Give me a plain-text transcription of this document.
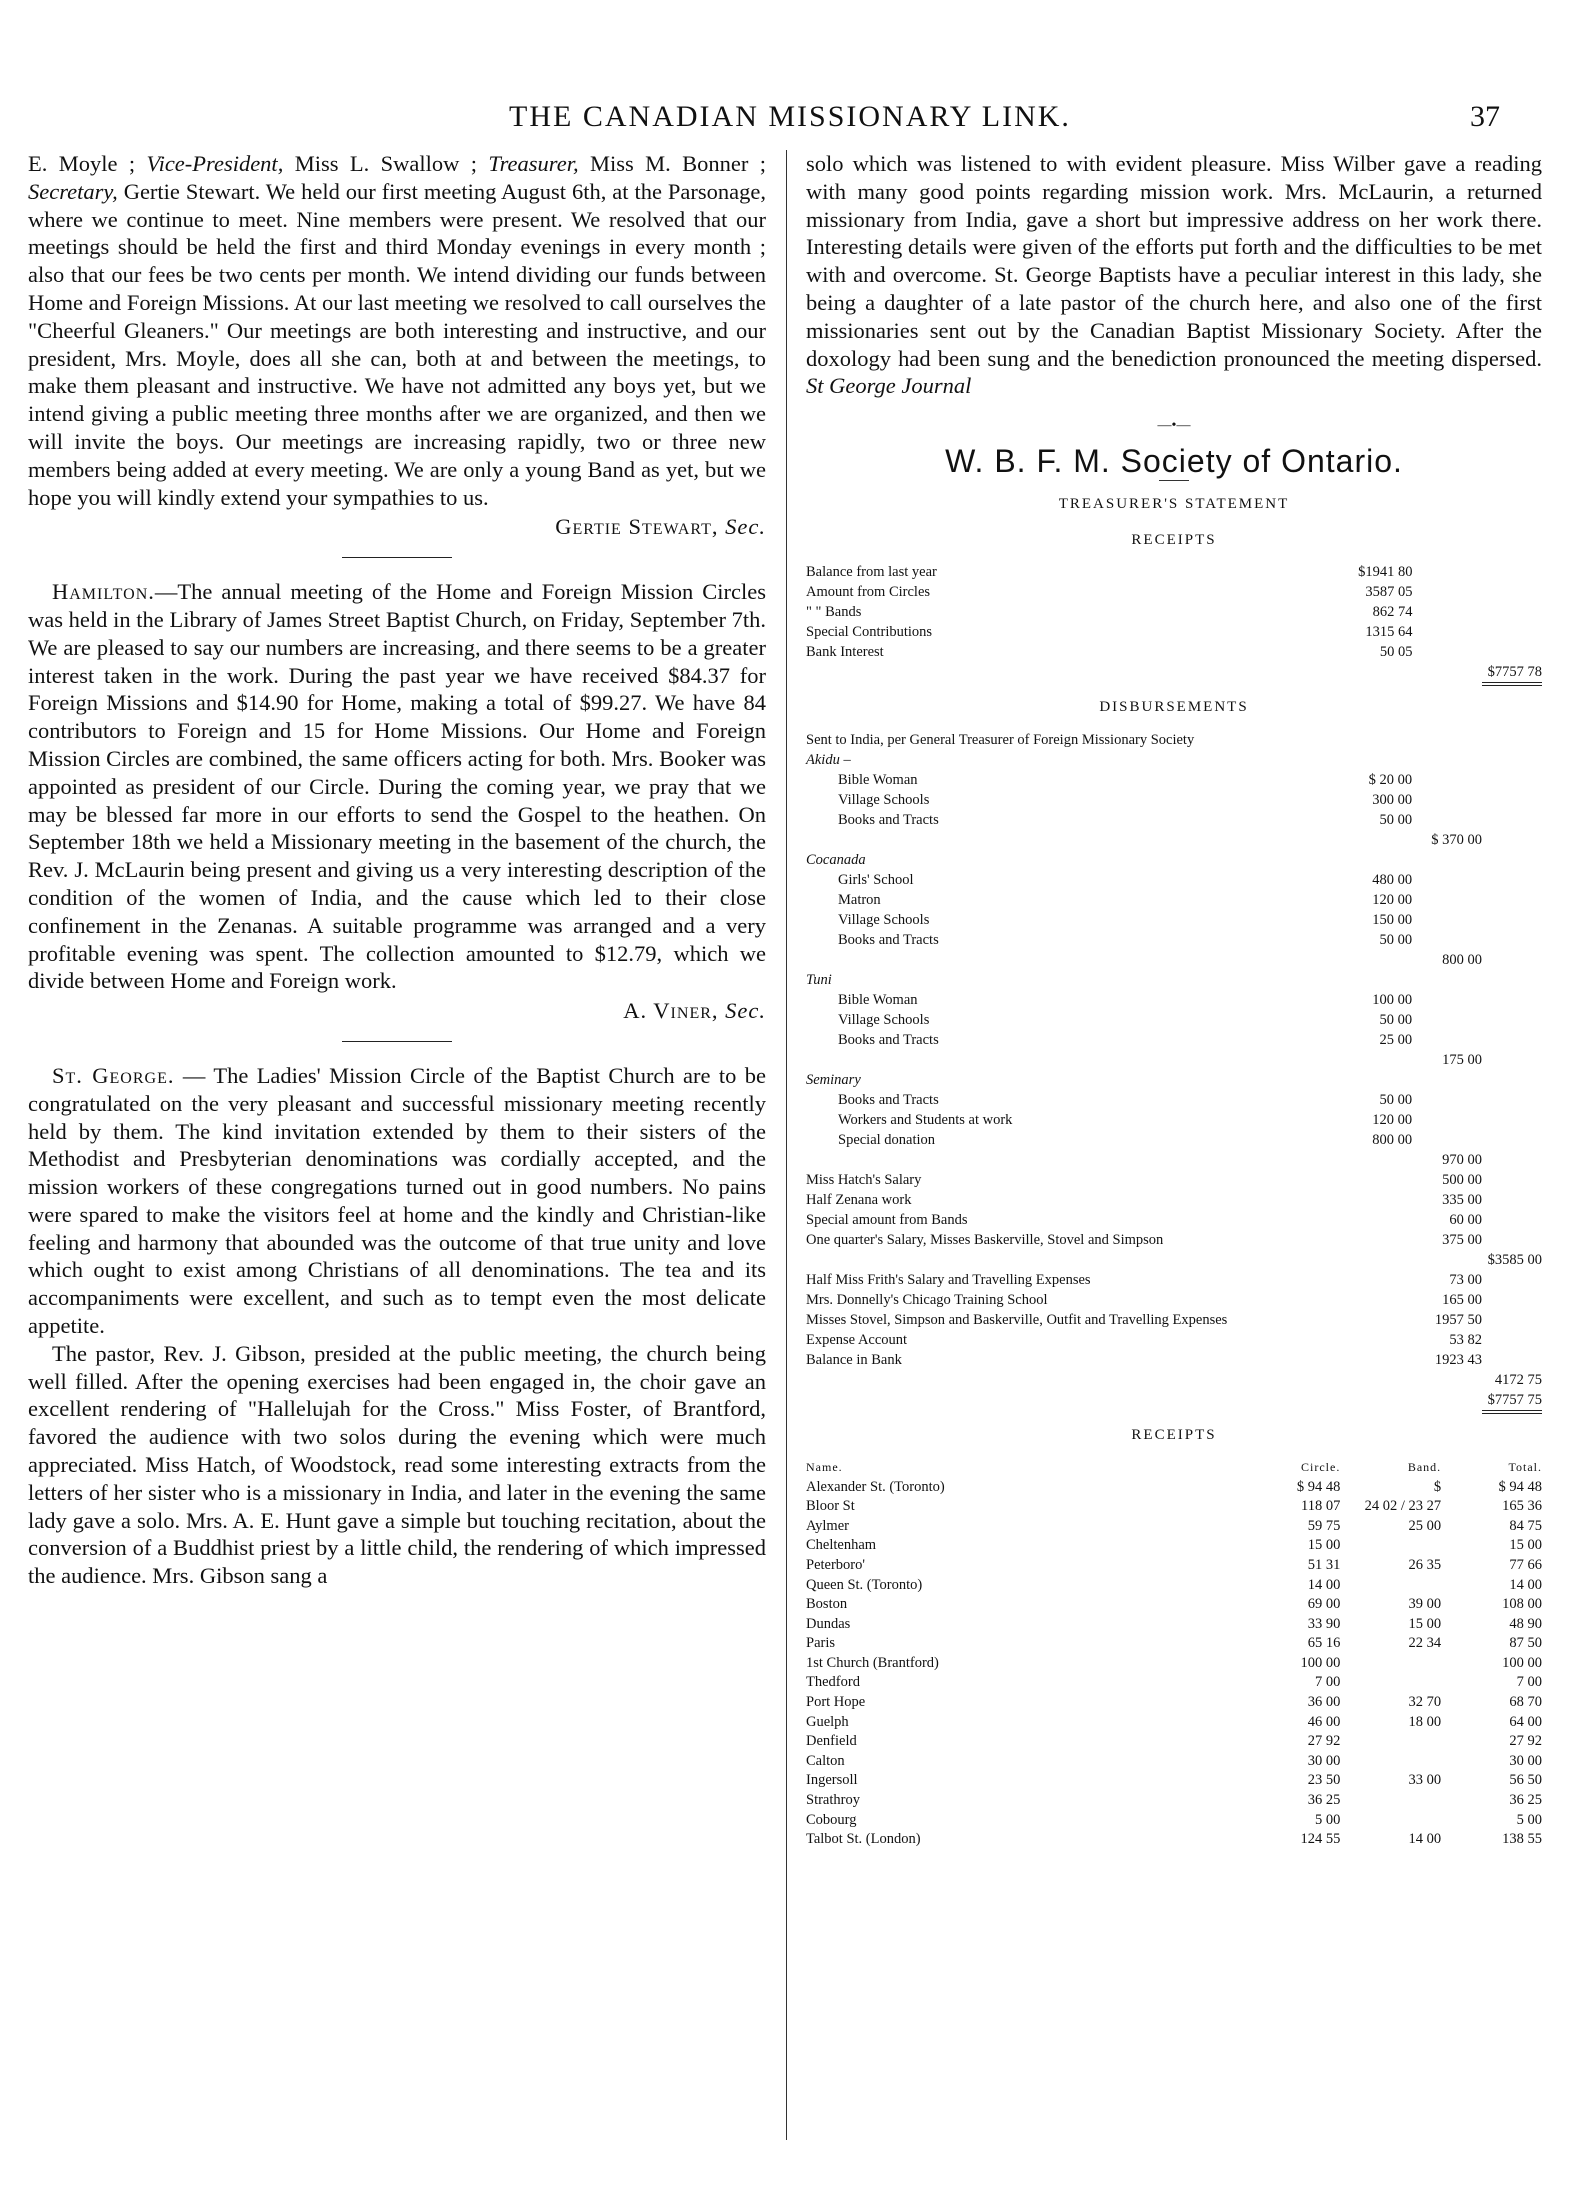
THE CANADIAN MISSIONARY LINK.	37

E. Moyle ; Vice-President, Miss L. Swallow ; Treasurer, Miss M. Bonner ; Secretary, Gertie Stewart. We held our first meeting August 6th, at the Parsonage, where we continue to meet. Nine members were present. We resolved that our meetings should be held the first and third Monday evenings in every month ; also that our fees be two cents per month. We intend dividing our funds between Home and Foreign Missions. At our last meeting we resolved to call ourselves the "Cheerful Gleaners." Our meetings are both interesting and instructive, and our president, Mrs. Moyle, does all she can, both at and between the meetings, to make them pleasant and instructive. We have not admitted any boys yet, but we intend giving a public meeting three months after we are organized, and then we will invite the boys. Our meetings are increasing rapidly, two or three new members being added at every meeting. We are only a young Band as yet, but we hope you will kindly extend your sympathies to us.

Gertie Stewart, Sec.

Hamilton.—The annual meeting of the Home and Foreign Mission Circles was held in the Library of James Street Baptist Church, on Friday, September 7th. We are pleased to say our numbers are increasing, and there seems to be a greater interest taken in the work. During the past year we have received $84.37 for Foreign Missions and $14.90 for Home, making a total of $99.27. We have 84 contributors to Foreign and 15 for Home Missions. Our Home and Foreign Mission Circles are combined, the same officers acting for both. Mrs. Booker was appointed as president of our Circle. During the coming year, we pray that we may be blessed far more in our efforts to send the Gospel to the heathen. On September 18th we held a Missionary meeting in the basement of the church, the Rev. J. McLaurin being present and giving us a very interesting description of the condition of the women of India, and the cause which led to their close confinement in the Zenanas. A suitable programme was arranged and a very profitable evening was spent. The collection amounted to $12.79, which we divide between Home and Foreign work.

A. Viner, Sec.

St. George. — The Ladies' Mission Circle of the Baptist Church are to be congratulated on the very pleasant and successful missionary meeting recently held by them. The kind invitation extended by them to their sisters of the Methodist and Presbyterian denominations was cordially accepted, and the mission workers of these congregations turned out in good numbers. No pains were spared to make the visitors feel at home and the kindly and Christian-like feeling and harmony that abounded was the outcome of that true unity and love which ought to exist among Christians of all denominations. The tea and its accompaniments were excellent, and such as to tempt even the most delicate appetite.

The pastor, Rev. J. Gibson, presided at the public meeting, the church being well filled. After the opening exercises had been engaged in, the choir gave an excellent rendering of "Hallelujah for the Cross." Miss Foster, of Brantford, favored the audience with two solos during the evening which were much appreciated. Miss Hatch, of Woodstock, read some interesting extracts from the letters of her sister who is a missionary in India, and later in the evening the same lady gave a solo. Mrs. A. E. Hunt gave a simple but touching recitation, about the conversion of a Buddhist priest by a little child, the rendering of which impressed the audience. Mrs. Gibson sang a

solo which was listened to with evident pleasure. Miss Wilber gave a reading with many good points regarding mission work. Mrs. McLaurin, a returned missionary from India, gave a short but impressive address on her work there. Interesting details were given of the efforts put forth and the difficulties to be met with and overcome. St. George Baptists have a peculiar interest in this lady, she being a daughter of a late pastor of the church here, and also one of the first missionaries sent out by the Canadian Baptist Missionary Society. After the doxology had been sung and the benediction pronounced the meeting dispersed. St George Journal

—•—
W. B. F. M. Society of Ontario.
TREASURER'S STATEMENT
RECEIPTS
Balance from last year	$1941 80		
Amount from Circles	3587 05		
" " Bands	862 74		
Special Contributions	1315 64		
Bank Interest	50 05		
			$7757 78
DISBURSEMENTS
Sent to India, per General Treasurer of Foreign Missionary Society			
Akidu –			
Bible Woman	$ 20 00		
Village Schools	300 00		
Books and Tracts	50 00		
		$ 370 00	
Cocanada			
Girls' School	480 00		
Matron	120 00		
Village Schools	150 00		
Books and Tracts	50 00		
		800 00	
Tuni			
Bible Woman	100 00		
Village Schools	50 00		
Books and Tracts	25 00		
		175 00	
Seminary			
Books and Tracts	50 00		
Workers and Students at work	120 00		
Special donation	800 00		
		970 00	
Miss Hatch's Salary		500 00	
Half Zenana work		335 00	
Special amount from Bands		60 00	
One quarter's Salary, Misses Baskerville, Stovel and Simpson		375 00	
			$3585 00
Half Miss Frith's Salary and Travelling Expenses		73 00	
Mrs. Donnelly's Chicago Training School		165 00	
Misses Stovel, Simpson and Baskerville, Outfit and Travelling Expenses		1957 50	
Expense Account		53 82	
Balance in Bank		1923 43	
			4172 75
			$7757 75
RECEIPTS
Name.	Circle.	Band.	Total.
Alexander St. (Toronto)	$ 94 48	$	$ 94 48
Bloor St	118 07	24 02 / 23 27	165 36
Aylmer	59 75	25 00	84 75
Cheltenham	15 00		15 00
Peterboro'	51 31	26 35	77 66
Queen St. (Toronto)	14 00		14 00
Boston	69 00	39 00	108 00
Dundas	33 90	15 00	48 90
Paris	65 16	22 34	87 50
1st Church (Brantford)	100 00		100 00
Thedford	7 00		7 00
Port Hope	36 00	32 70	68 70
Guelph	46 00	18 00	64 00
Denfield	27 92		27 92
Calton	30 00		30 00
Ingersoll	23 50	33 00	56 50
Strathroy	36 25		36 25
Cobourg	5 00		5 00
Talbot St. (London)	124 55	14 00	138 55
